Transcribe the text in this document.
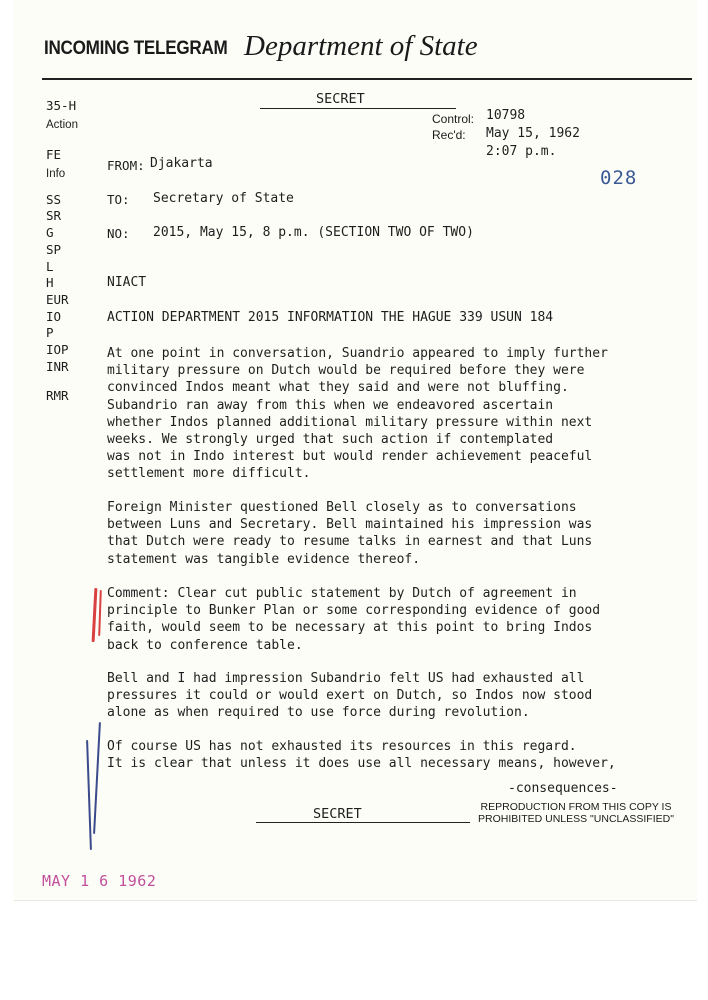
INCOMING TELEGRAM Department of State
SECRET
35-H
Action
FE
Info
SS
SR
G
SP
L
H
EUR
IO
P
IOP
INR
RMR
Control: 10798
Rec'd: May 15, 1962
2:07 p.m.
028
FROM: Djakarta
TO: Secretary of State
NO: 2015, May 15, 8 p.m. (SECTION TWO OF TWO)
NIACT
ACTION DEPARTMENT 2015 INFORMATION THE HAGUE 339 USUN 184
At one point in conversation, Suandrio appeared to imply further
military pressure on Dutch would be required before they were
convinced Indos meant what they said and were not bluffing.
Subandrio ran away from this when we endeavored ascertain
whether Indos planned additional military pressure within next
weeks. We strongly urged that such action if contemplated
was not in Indo interest but would render achievement peaceful
settlement more difficult.
Foreign Minister questioned Bell closely as to conversations
between Luns and Secretary. Bell maintained his impression was
that Dutch were ready to resume talks in earnest and that Luns
statement was tangible evidence thereof.
Comment: Clear cut public statement by Dutch of agreement in
principle to Bunker Plan or some corresponding evidence of good
faith, would seem to be necessary at this point to bring Indos
back to conference table.
Bell and I had impression Subandrio felt US had exhausted all
pressures it could or would exert on Dutch, so Indos now stood
alone as when required to use force during revolution.
Of course US has not exhausted its resources in this regard.
It is clear that unless it does use all necessary means, however,
-consequences-
SECRET	REPRODUCTION FROM THIS COPY IS
PROHIBITED UNLESS "UNCLASSIFIED"
MAY 1 6 1962
